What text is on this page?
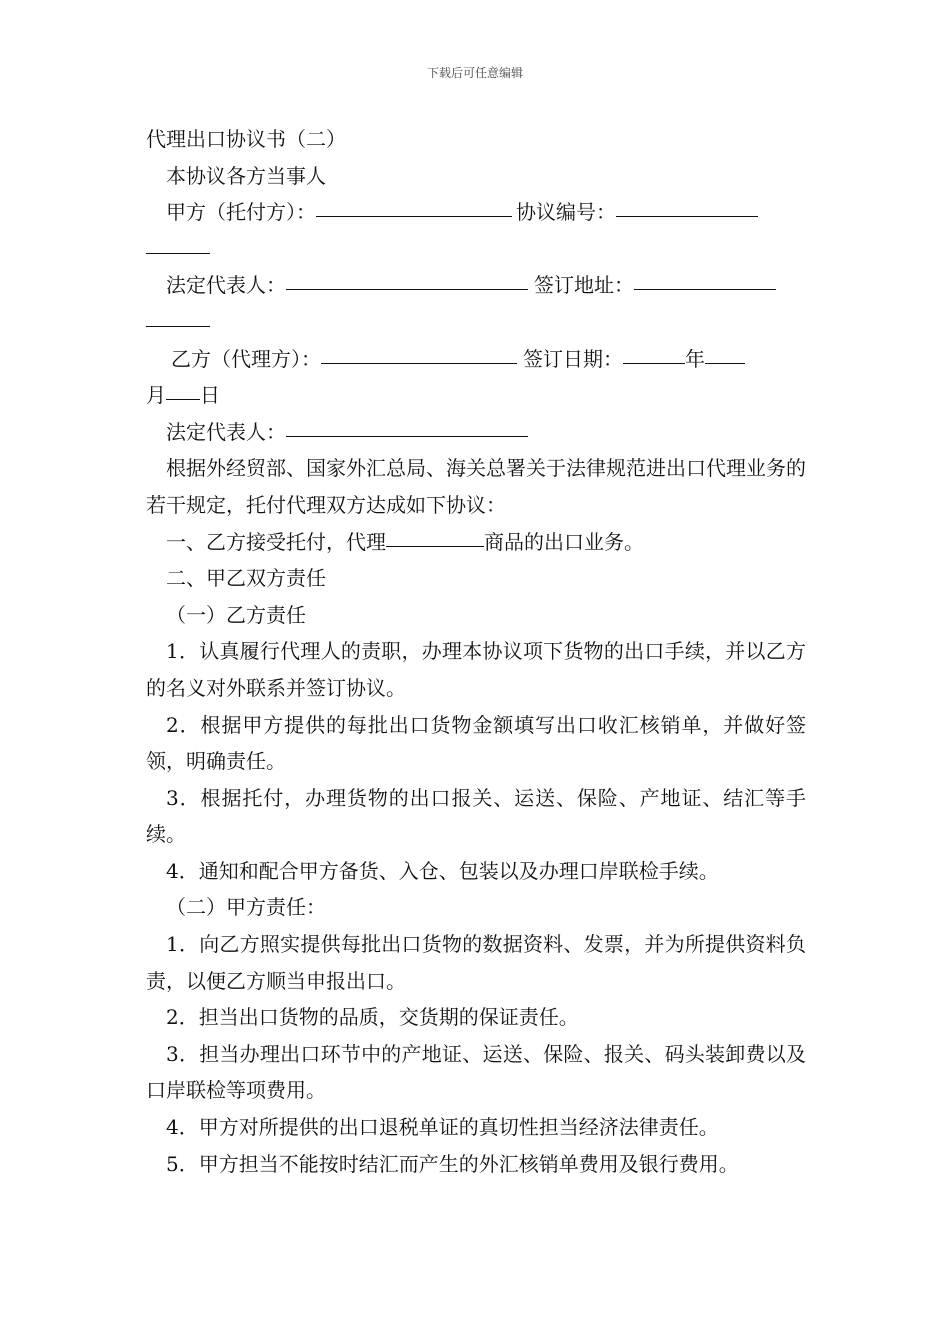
下载后可任意编辑

代理出口协议书（二）

本协议各方当事人

甲方（托付方）：	协议编号：

法定代表人：	签订地址：

乙方（代理方）：	签订日期：	年

月 日

法定代表人：

根据外经贸部、国家外汇总局、海关总署关于法律规范进出口代理业务的若干规定，托付代理双方达成如下协议：

一、乙方接受托付，代理	商品的出口业务。

二、甲乙双方责任

（一）乙方责任

1．认真履行代理人的责职，办理本协议项下货物的出口手续，并以乙方的名义对外联系并签订协议。

2．根据甲方提供的每批出口货物金额填写出口收汇核销单，并做好签领，明确责任。

3．根据托付，办理货物的出口报关、运送、保险、产地证、结汇等手续。

4．通知和配合甲方备货、入仓、包装以及办理口岸联检手续。

（二）甲方责任：

1．向乙方照实提供每批出口货物的数据资料、发票，并为所提供资料负责，以便乙方顺当申报出口。

2．担当出口货物的品质，交货期的保证责任。

3．担当办理出口环节中的产地证、运送、保险、报关、码头装卸费以及口岸联检等项费用。

4．甲方对所提供的出口退税单证的真切性担当经济法律责任。

5．甲方担当不能按时结汇而产生的外汇核销单费用及银行费用。
